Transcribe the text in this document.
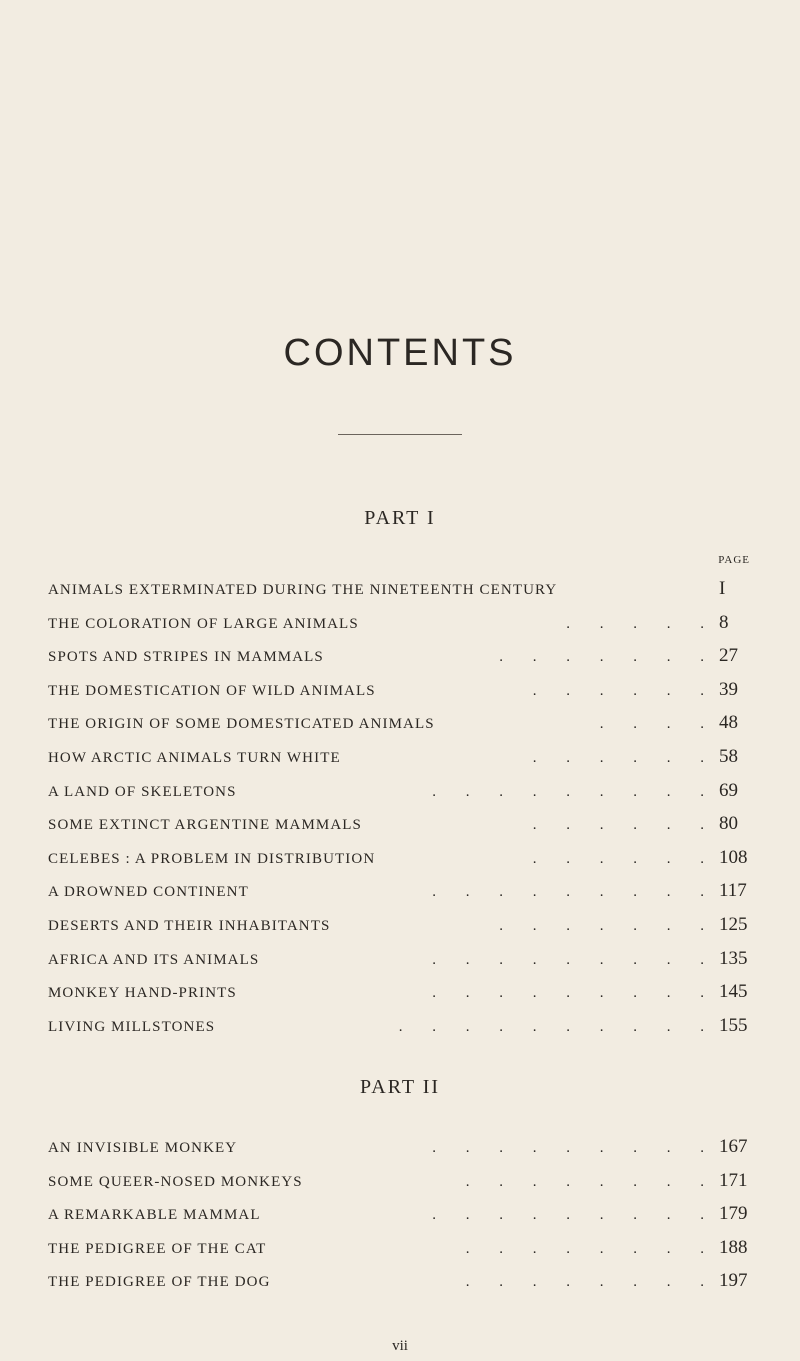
CONTENTS
PART I
PAGE
PART II
ANIMALS EXTERMINATED DURING THE NINETEENTH CENTURY	I
THE COLORATION OF LARGE ANIMALS	. . . . . 8
SPOTS AND STRIPES IN MAMMALS	. . . . . . . 27
THE DOMESTICATION OF WILD ANIMALS	. . . . . . 39
THE ORIGIN OF SOME DOMESTICATED ANIMALS	. . . . 48
HOW ARCTIC ANIMALS TURN WHITE	. . . . . . 58
A LAND OF SKELETONS	. . . . . . . . . 69
SOME EXTINCT ARGENTINE MAMMALS	. . . . . . 80
CELEBES : A PROBLEM IN DISTRIBUTION	. . . . . . 108
A DROWNED CONTINENT	. . . . . . . . . 117
DESERTS AND THEIR INHABITANTS	. . . . . . . 125
AFRICA AND ITS ANIMALS	. . . . . . . . . 135
MONKEY HAND-PRINTS	. . . . . . . . . 145
LIVING MILLSTONES	. . . . . . . . . . 155
AN INVISIBLE MONKEY	. . . . . . . . . 167
SOME QUEER-NOSED MONKEYS	. . . . . . . . 171
A REMARKABLE MAMMAL	. . . . . . . . . 179
THE PEDIGREE OF THE CAT	. . . . . . . . 188
THE PEDIGREE OF THE DOG	. . . . . . . . 197
vii
